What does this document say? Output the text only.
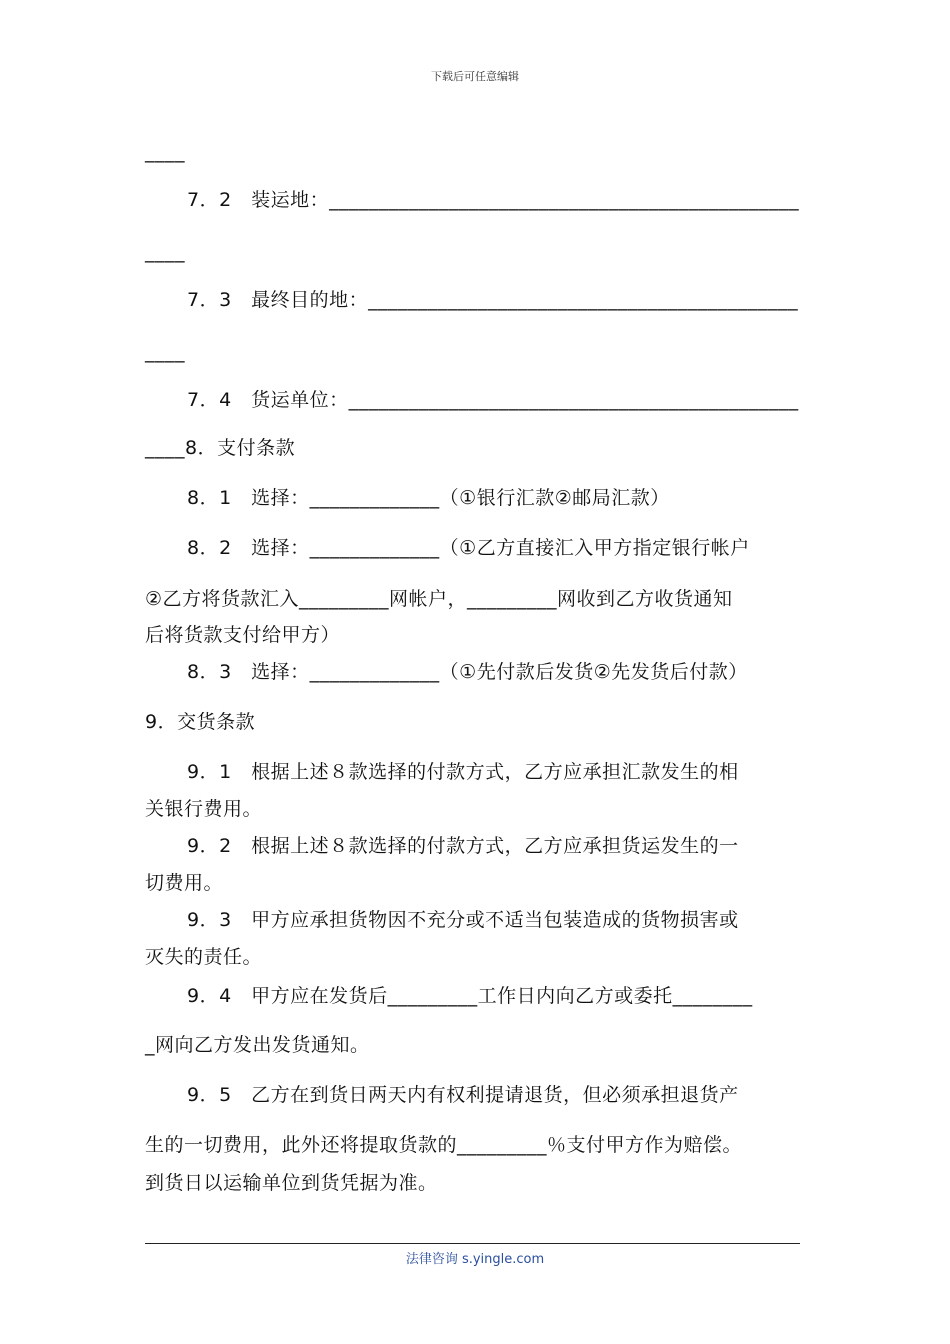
下载后可任意编辑
____
7．2　装运地：_______________________________________________
____
7．3　最终目的地：___________________________________________
____
7．4　货运单位：_____________________________________________
____8．支付条款
8．1　选择：_____________（①银行汇款②邮局汇款）
8．2　选择：_____________（①乙方直接汇入甲方指定银行帐户
②乙方将货款汇入_________网帐户，_________网收到乙方收货通知
后将货款支付给甲方）
8．3　选择：_____________（①先付款后发货②先发货后付款）
9．交货条款
9．1　根据上述８款选择的付款方式，乙方应承担汇款发生的相
关银行费用。
9．2　根据上述８款选择的付款方式，乙方应承担货运发生的一
切费用。
9．3　甲方应承担货物因不充分或不适当包装造成的货物损害或
灭失的责任。
9．4　甲方应在发货后_________工作日内向乙方或委托________
_网向乙方发出发货通知。
9．5　乙方在到货日两天内有权利提请退货，但必须承担退货产
生的一切费用，此外还将提取货款的_________％支付甲方作为赔偿。
到货日以运输单位到货凭据为准。
法律咨询 s.yingle.com
